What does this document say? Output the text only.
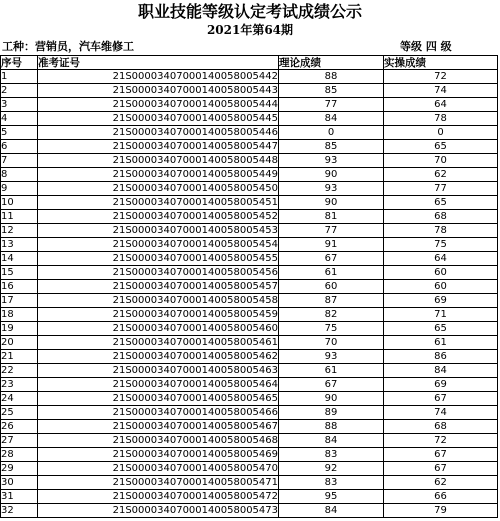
职业技能等级认定考试成绩公示
2021年第64期
工种：营销员，汽车维修工	等级 四 级
序号	准考证号	理论成绩	实操成绩
1	21S00003407000140058005442	88	72
2	21S00003407000140058005443	85	74
3	21S00003407000140058005444	77	64
4	21S00003407000140058005445	84	78
5	21S00003407000140058005446	0	0
6	21S00003407000140058005447	85	65
7	21S00003407000140058005448	93	70
8	21S00003407000140058005449	90	62
9	21S00003407000140058005450	93	77
10	21S00003407000140058005451	90	65
11	21S00003407000140058005452	81	68
12	21S00003407000140058005453	77	78
13	21S00003407000140058005454	91	75
14	21S00003407000140058005455	67	64
15	21S00003407000140058005456	61	60
16	21S00003407000140058005457	60	60
17	21S00003407000140058005458	87	69
18	21S00003407000140058005459	82	71
19	21S00003407000140058005460	75	65
20	21S00003407000140058005461	70	61
21	21S00003407000140058005462	93	86
22	21S00003407000140058005463	61	84
23	21S00003407000140058005464	67	69
24	21S00003407000140058005465	90	67
25	21S00003407000140058005466	89	74
26	21S00003407000140058005467	88	68
27	21S00003407000140058005468	84	72
28	21S00003407000140058005469	83	67
29	21S00003407000140058005470	92	67
30	21S00003407000140058005471	83	62
31	21S00003407000140058005472	95	66
32	21S00003407000140058005473	84	79
